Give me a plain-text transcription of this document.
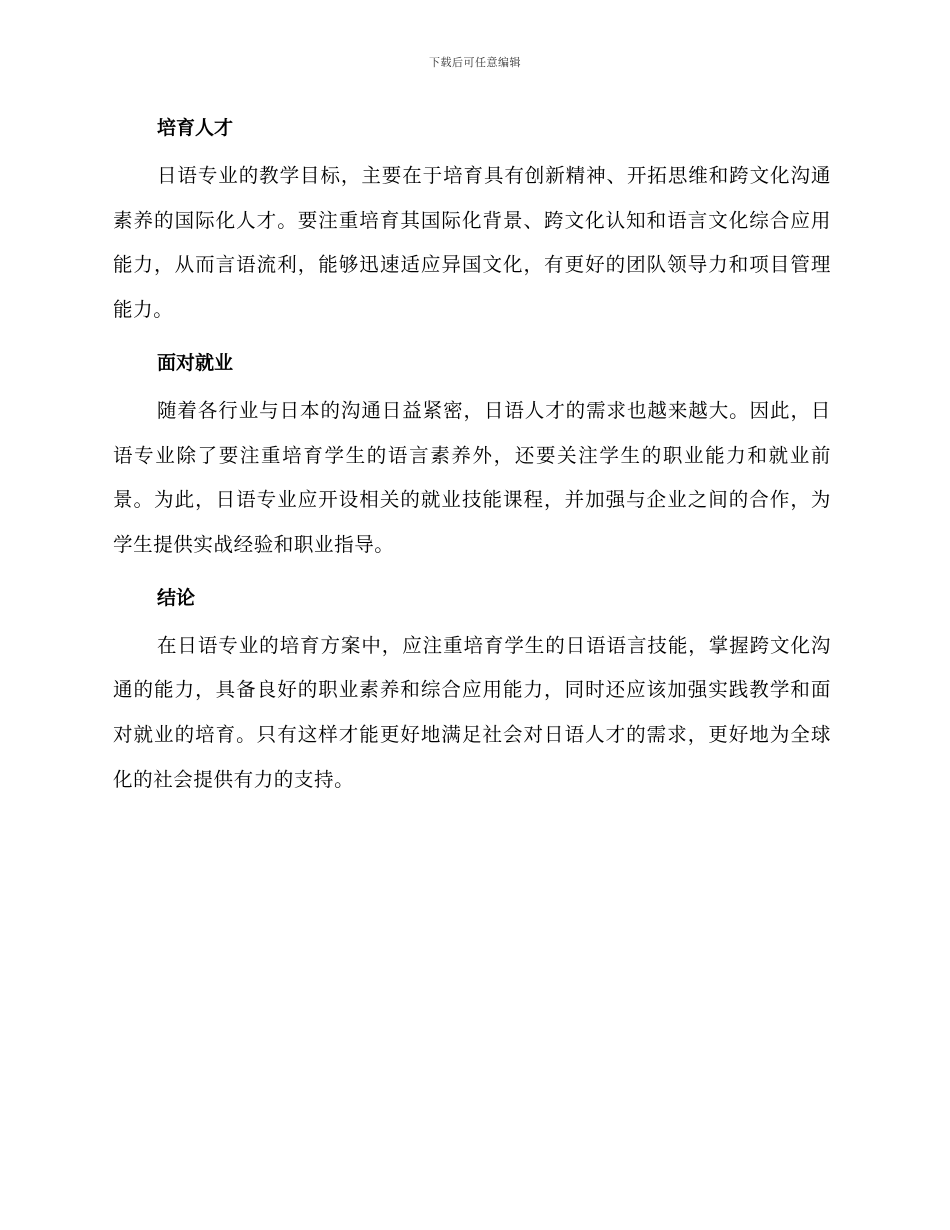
下载后可任意编辑
培育人才

日语专业的教学目标，主要在于培育具有创新精神、开拓思维和跨文化沟通素养的国际化人才。要注重培育其国际化背景、跨文化认知和语言文化综合应用能力，从而言语流利，能够迅速适应异国文化，有更好的团队领导力和项目管理能力。

面对就业

随着各行业与日本的沟通日益紧密，日语人才的需求也越来越大。因此，日语专业除了要注重培育学生的语言素养外，还要关注学生的职业能力和就业前景。为此，日语专业应开设相关的就业技能课程，并加强与企业之间的合作，为学生提供实战经验和职业指导。

结论

在日语专业的培育方案中，应注重培育学生的日语语言技能，掌握跨文化沟通的能力，具备良好的职业素养和综合应用能力，同时还应该加强实践教学和面对就业的培育。只有这样才能更好地满足社会对日语人才的需求，更好地为全球化的社会提供有力的支持。
